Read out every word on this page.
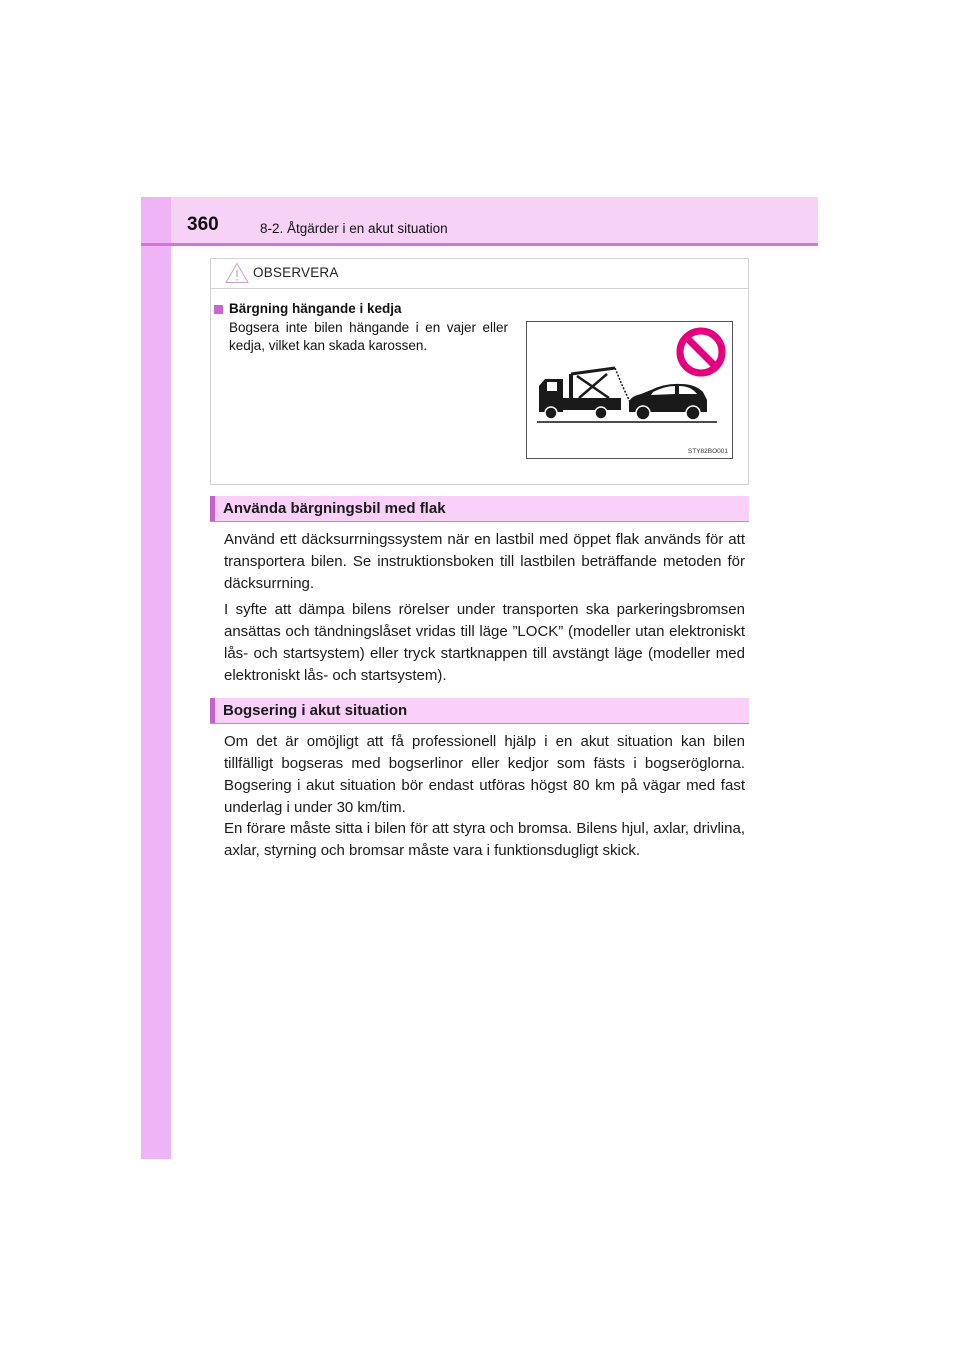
360	8-2. Åtgärder i en akut situation
OBSERVERA
Bärgning hängande i kedja
Bogsera inte bilen hängande i en vajer eller kedja, vilket kan skada karossen.
STY82BO001
Använda bärgningsbil med flak
Använd ett däcksurrningssystem när en lastbil med öppet flak används för att transportera bilen. Se instruktionsboken till lastbilen beträffande metoden för däcksurrning.
I syfte att dämpa bilens rörelser under transporten ska parkeringsbromsen ansättas och tändningslåset vridas till läge ”LOCK” (modeller utan elektroniskt lås- och startsystem) eller tryck startknappen till avstängt läge (modeller med elektroniskt lås- och startsystem).
Bogsering i akut situation
Om det är omöjligt att få professionell hjälp i en akut situation kan bilen tillfälligt bogseras med bogserlinor eller kedjor som fästs i bogseröglorna. Bogsering i akut situation bör endast utföras högst 80 km på vägar med fast underlag i under 30 km/tim.
En förare måste sitta i bilen för att styra och bromsa. Bilens hjul, axlar, drivlina, axlar, styrning och bromsar måste vara i funktionsdugligt skick.
